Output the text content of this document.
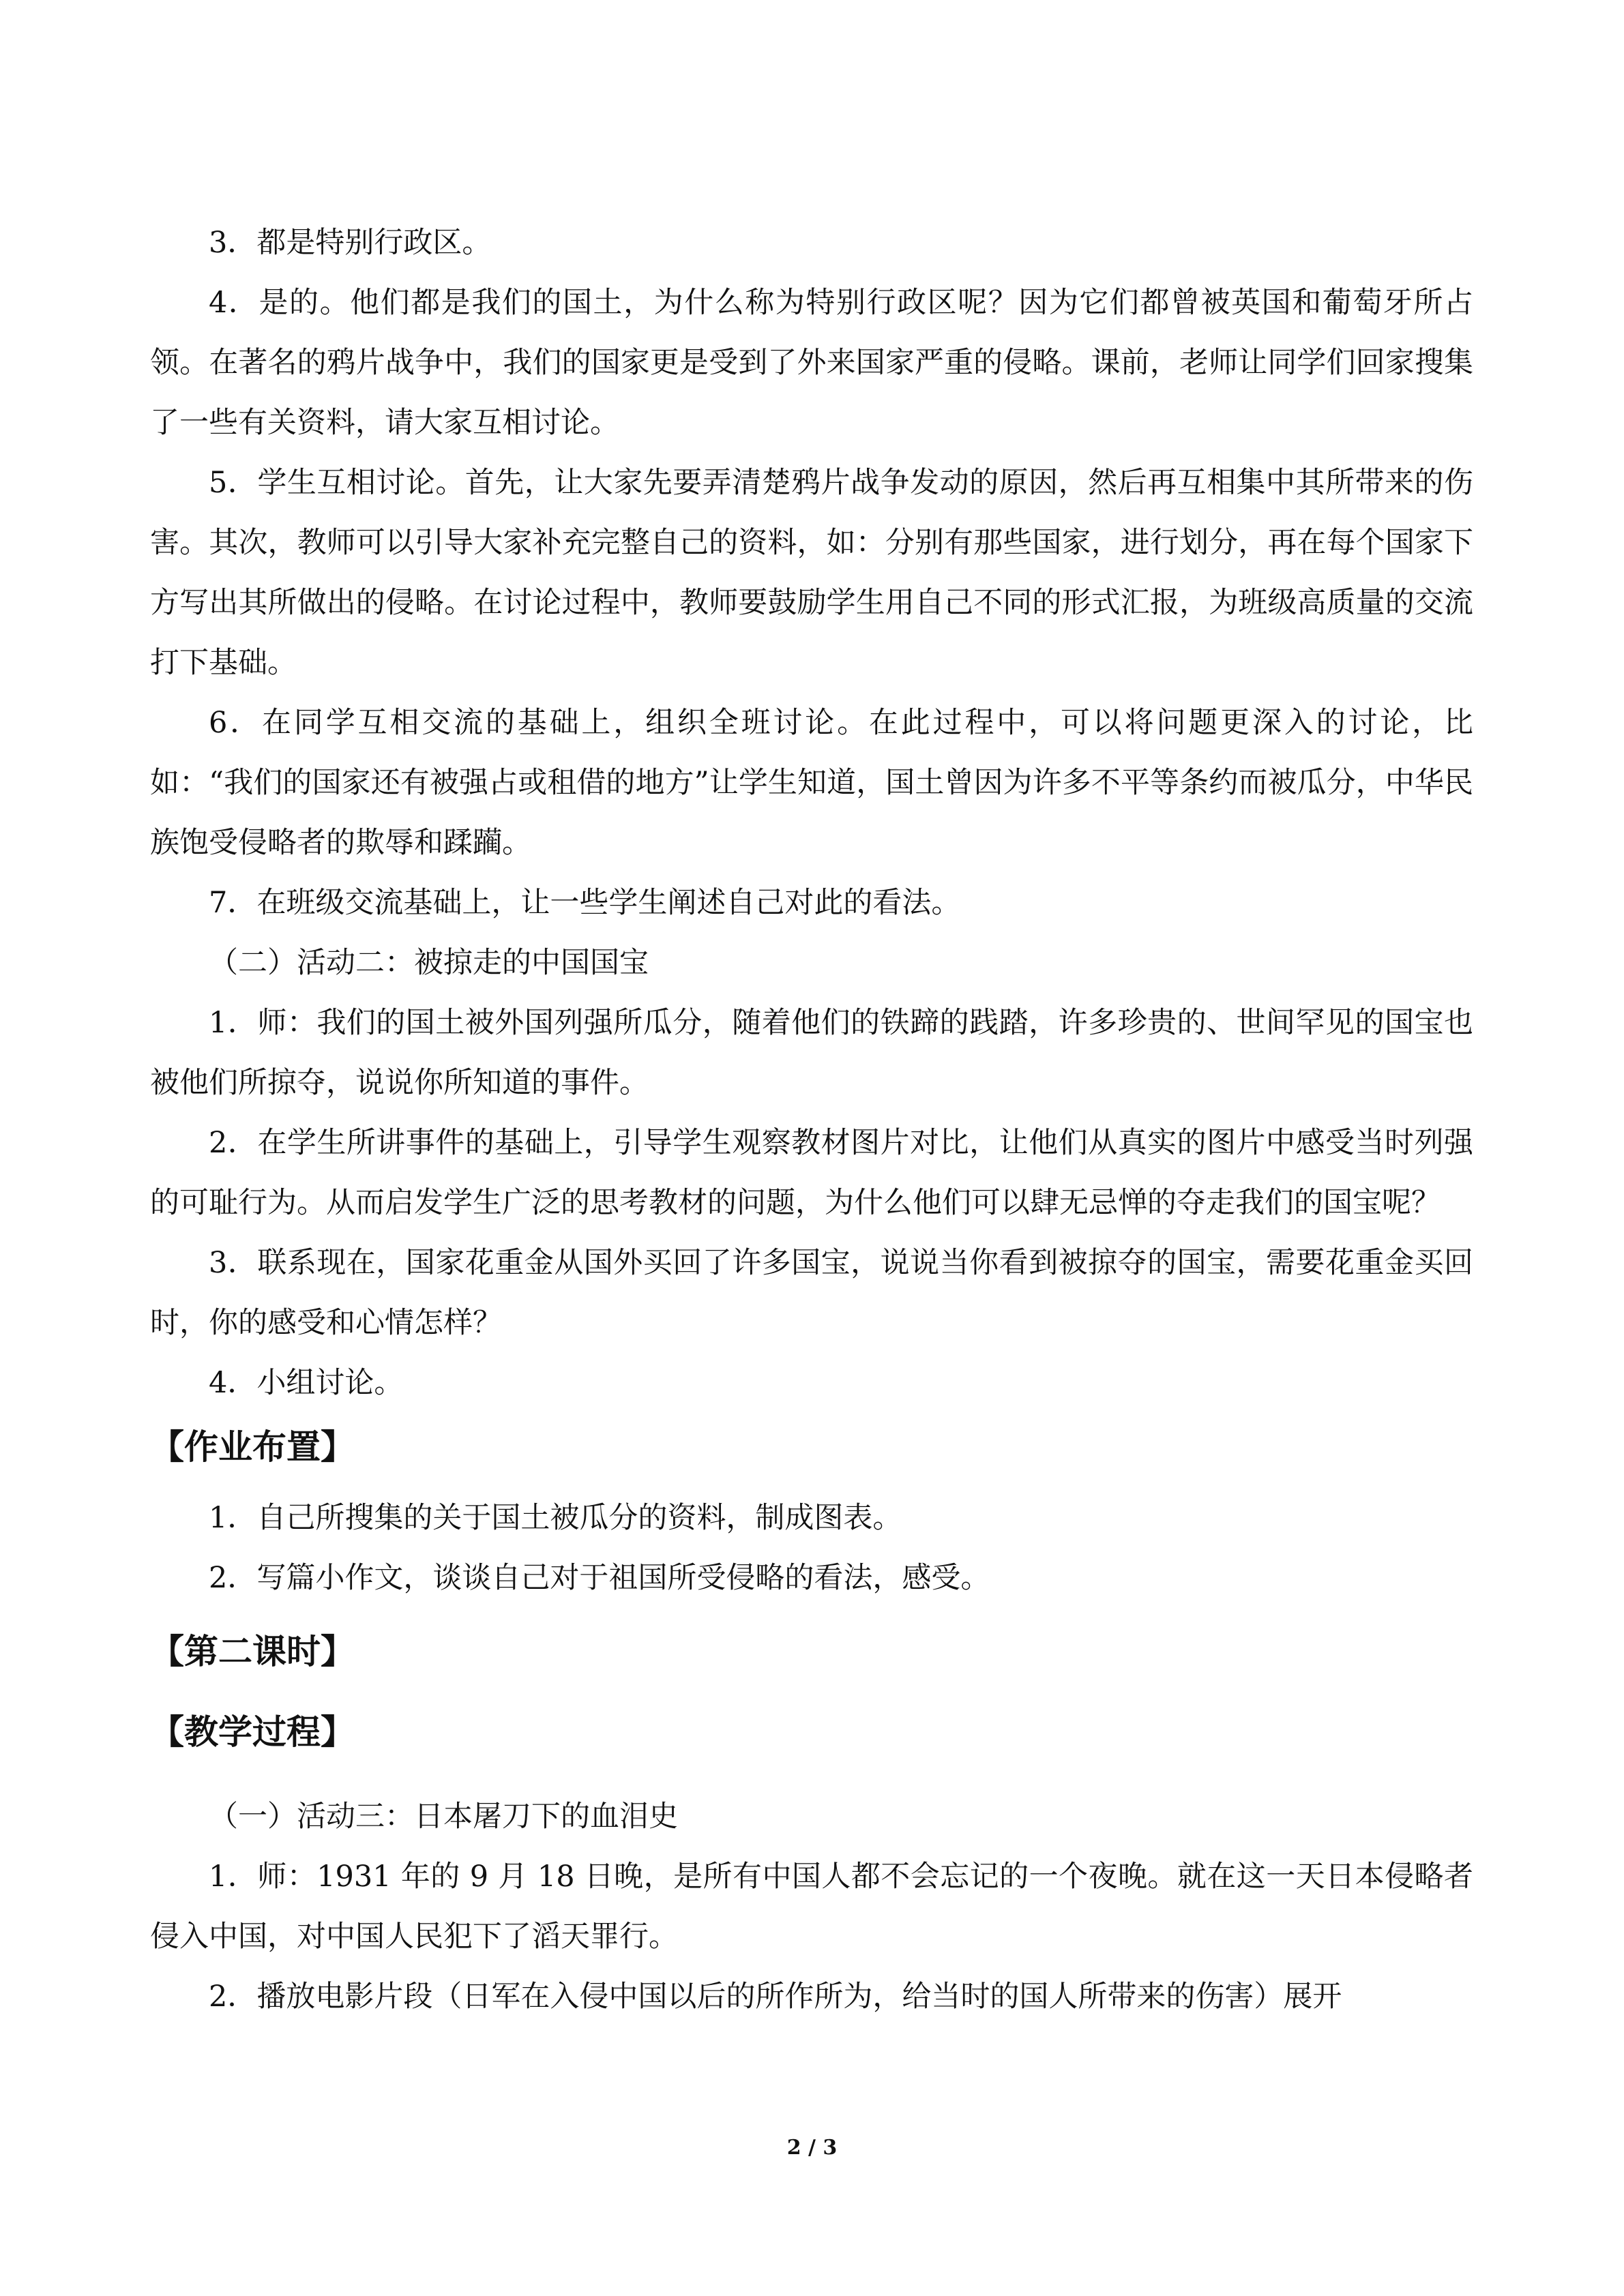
3．都是特别行政区。

4．是的。他们都是我们的国土，为什么称为特别行政区呢？因为它们都曾被英国和葡萄牙所占领。在著名的鸦片战争中，我们的国家更是受到了外来国家严重的侵略。课前，老师让同学们回家搜集了一些有关资料，请大家互相讨论。

5．学生互相讨论。首先，让大家先要弄清楚鸦片战争发动的原因，然后再互相集中其所带来的伤害。其次，教师可以引导大家补充完整自己的资料，如：分别有那些国家，进行划分，再在每个国家下方写出其所做出的侵略。在讨论过程中，教师要鼓励学生用自己不同的形式汇报，为班级高质量的交流打下基础。

6．在同学互相交流的基础上，组织全班讨论。在此过程中，可以将问题更深入的讨论，比如：“我们的国家还有被强占或租借的地方”让学生知道，国土曾因为许多不平等条约而被瓜分，中华民族饱受侵略者的欺辱和蹂躏。

7．在班级交流基础上，让一些学生阐述自己对此的看法。

（二）活动二：被掠走的中国国宝

1．师：我们的国土被外国列强所瓜分，随着他们的铁蹄的践踏，许多珍贵的、世间罕见的国宝也被他们所掠夺，说说你所知道的事件。

2．在学生所讲事件的基础上，引导学生观察教材图片对比，让他们从真实的图片中感受当时列强的可耻行为。从而启发学生广泛的思考教材的问题，为什么他们可以肆无忌惮的夺走我们的国宝呢？

3．联系现在，国家花重金从国外买回了许多国宝，说说当你看到被掠夺的国宝，需要花重金买回时，你的感受和心情怎样？

4．小组讨论。

【作业布置】

1．自己所搜集的关于国土被瓜分的资料，制成图表。

2．写篇小作文，谈谈自己对于祖国所受侵略的看法，感受。

【第二课时】
【教学过程】

（一）活动三：日本屠刀下的血泪史

1．师：1931 年的 9 月 18 日晚，是所有中国人都不会忘记的一个夜晚。就在这一天日本侵略者侵入中国，对中国人民犯下了滔天罪行。

2．播放电影片段（日军在入侵中国以后的所作所为，给当时的国人所带来的伤害）展开

2 / 3
